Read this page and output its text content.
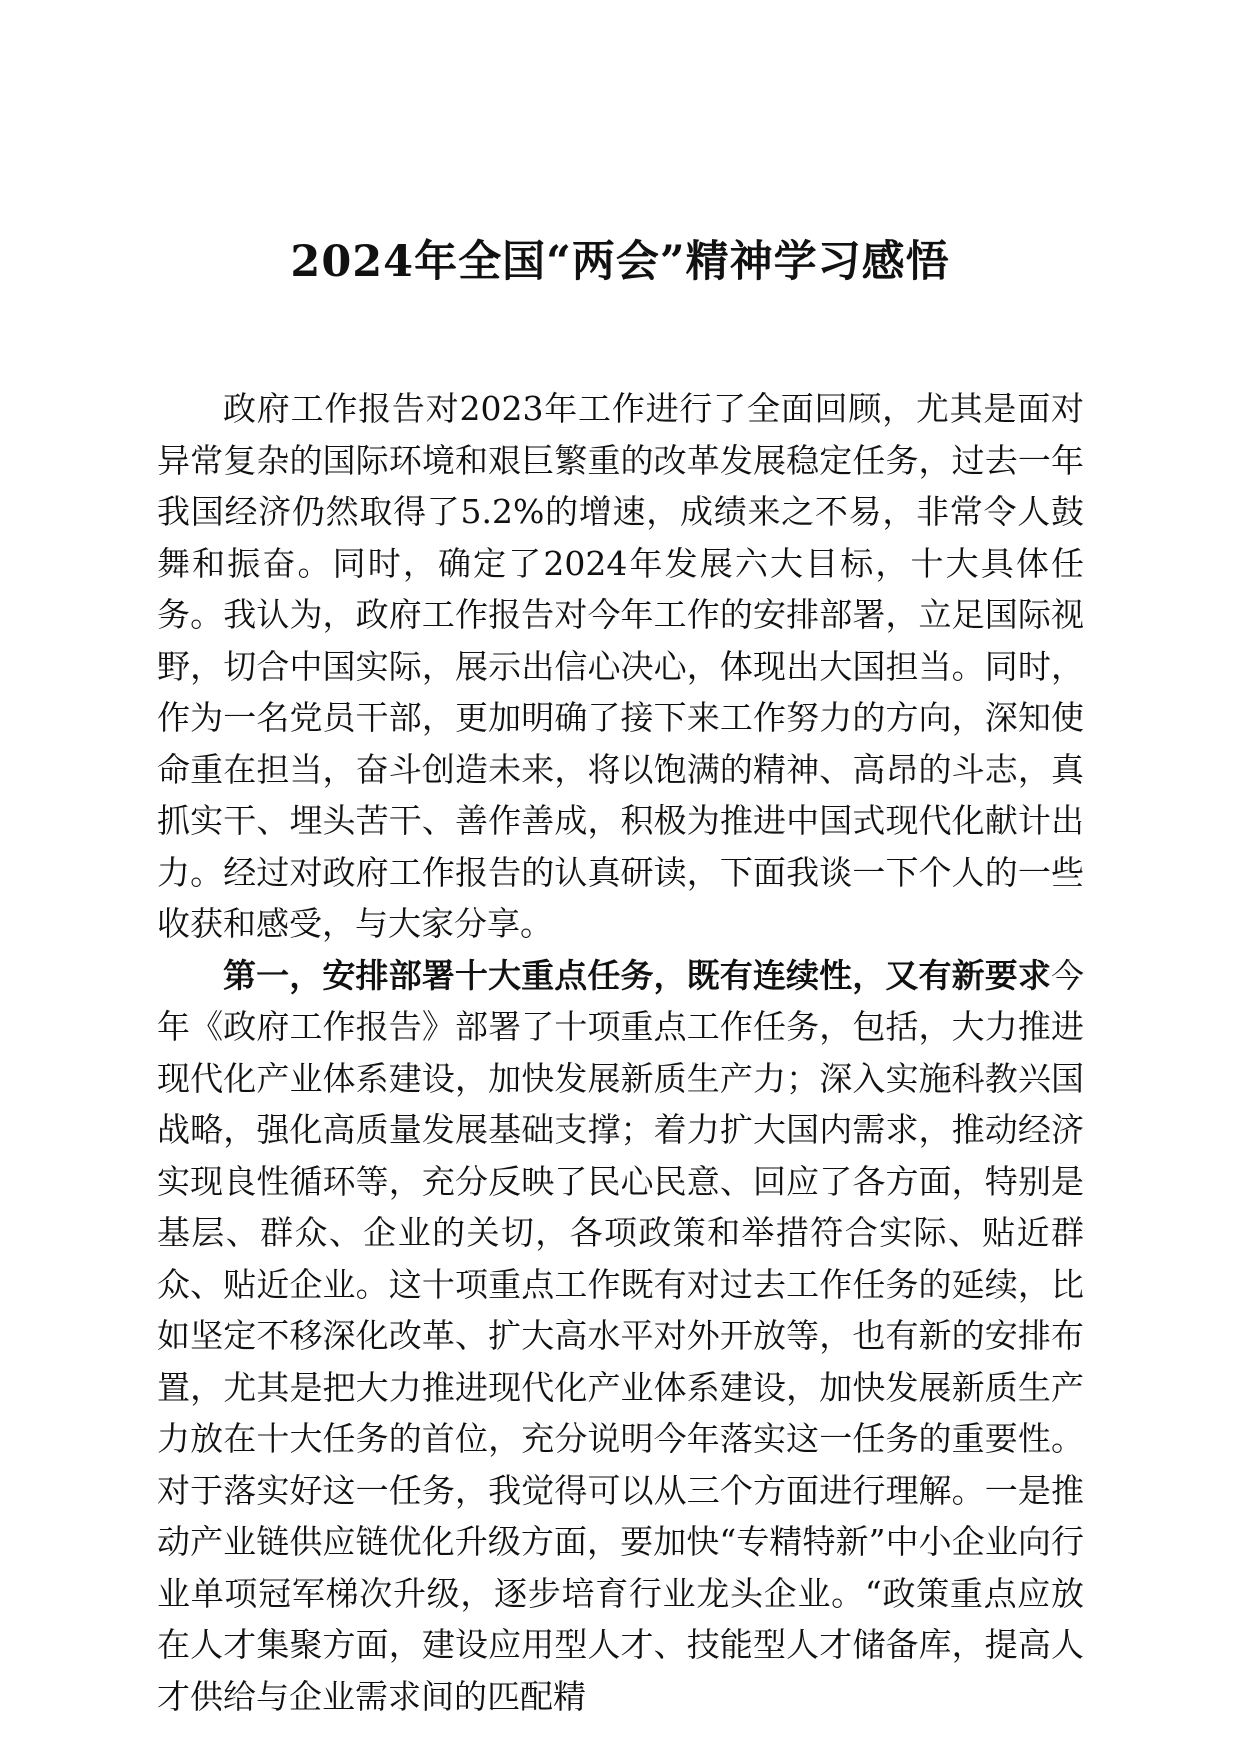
2024年全国“两会”精神学习感悟

政府工作报告对2023年工作进行了全面回顾，尤其是面对异常复杂的国际环境和艰巨繁重的改革发展稳定任务，过去一年我国经济仍然取得了5.2%的增速，成绩来之不易，非常令人鼓舞和振奋。同时，确定了2024年发展六大目标，十大具体任务。我认为，政府工作报告对今年工作的安排部署，立足国际视野，切合中国实际，展示出信心决心，体现出大国担当。同时，作为一名党员干部，更加明确了接下来工作努力的方向，深知使命重在担当，奋斗创造未来，将以饱满的精神、高昂的斗志，真抓实干、埋头苦干、善作善成，积极为推进中国式现代化献计出力。经过对政府工作报告的认真研读，下面我谈一下个人的一些收获和感受，与大家分享。

第一，安排部署十大重点任务，既有连续性，又有新要求今年《政府工作报告》部署了十项重点工作任务，包括，大力推进现代化产业体系建设，加快发展新质生产力；深入实施科教兴国战略，强化高质量发展基础支撑；着力扩大国内需求，推动经济实现良性循环等，充分反映了民心民意、回应了各方面，特别是基层、群众、企业的关切，各项政策和举措符合实际、贴近群众、贴近企业。这十项重点工作既有对过去工作任务的延续，比如坚定不移深化改革、扩大高水平对外开放等，也有新的安排布置，尤其是把大力推进现代化产业体系建设，加快发展新质生产力放在十大任务的首位，充分说明今年落实这一任务的重要性。对于落实好这一任务，我觉得可以从三个方面进行理解。一是推动产业链供应链优化升级方面，要加快“专精特新”中小企业向行业单项冠军梯次升级，逐步培育行业龙头企业。“政策重点应放在人才集聚方面，建设应用型人才、技能型人才储备库，提高人才供给与企业需求间的匹配精
